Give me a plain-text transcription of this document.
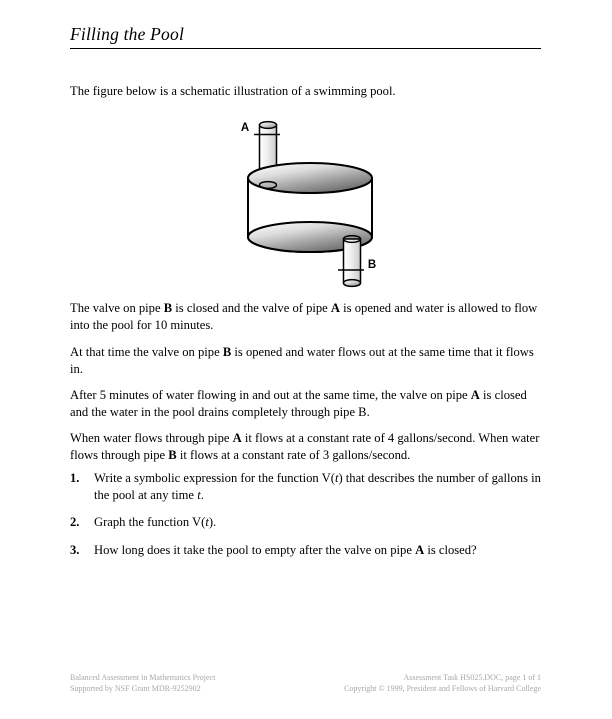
Filling the Pool
The figure below is a schematic illustration of a swimming pool.
A
B
The valve on pipe B is closed and the valve of pipe A is opened and water is allowed to flow into the pool for 10 minutes.
At that time the valve on pipe B is opened and water flows out at the same time that it flows in.
After 5 minutes of water flowing in and out at the same time, the valve on pipe A is closed and the water in the pool drains completely through pipe B.
When water flows through pipe A it flows at a constant rate of 4 gallons/second. When water flows through pipe B it flows at a constant rate of 3 gallons/second.
1.	Write a symbolic expression for the function V(t) that describes the number of gallons in the pool at any time t.
2.	Graph the function V(t).
3.	How long does it take the pool to empty after the valve on pipe A is closed?
Balanced Assessment in Mathematics Project
Supported by NSF Grant MDR-9252902
Assessment Task HS025.DOC, page 1 of 1
Copyright © 1999, President and Fellows of Harvard College
